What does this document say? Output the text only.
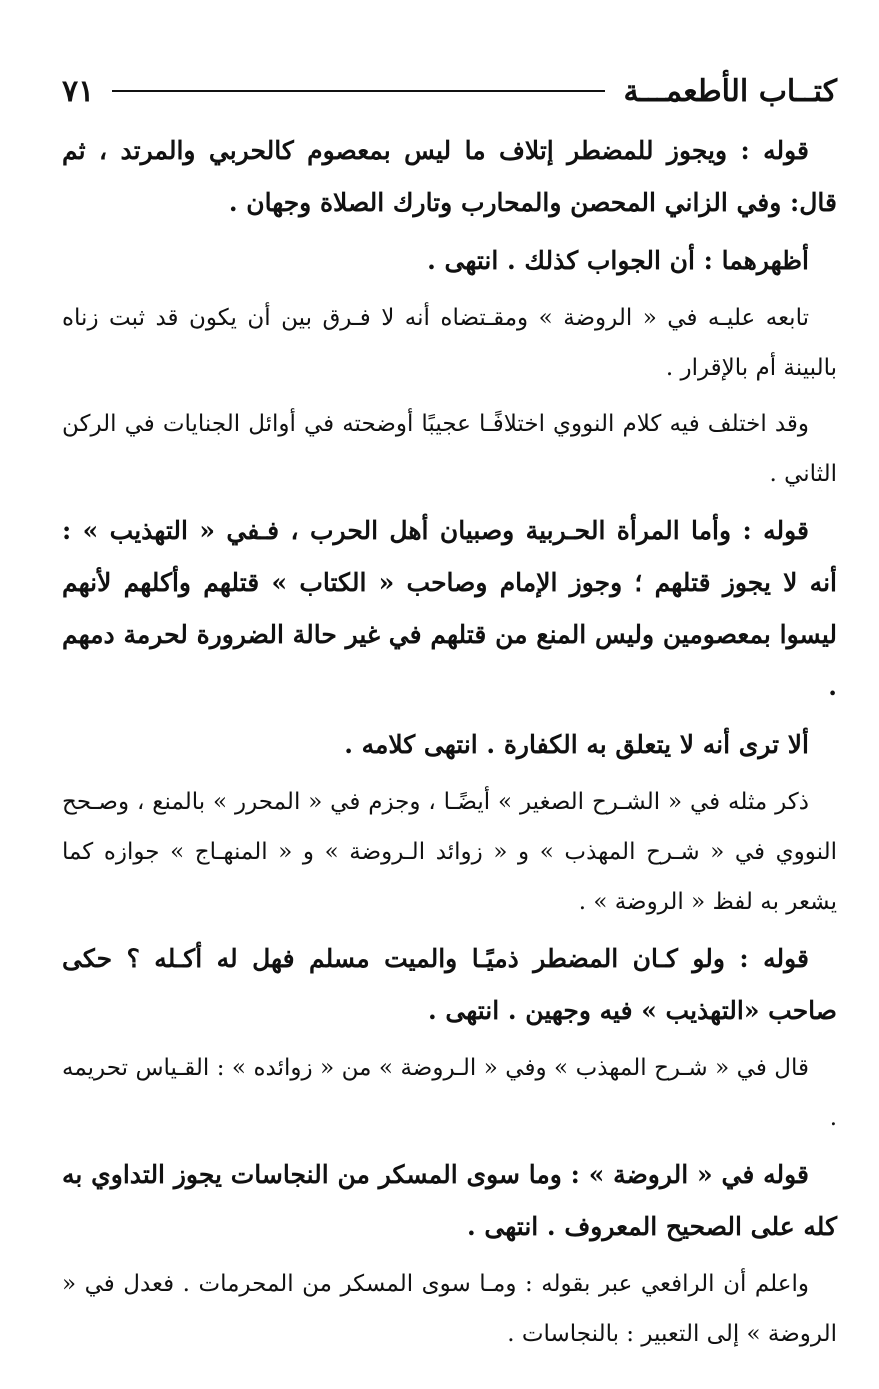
كتــاب الأطعمـــة
٧١

قوله : ويجوز للمضطر إتلاف ما ليس بمعصوم كالحربي والمرتد ، ثم قال: وفي الزاني المحصن والمحارب وتارك الصلاة وجهان .

أظهرهما : أن الجواب كذلك . انتهى .

تابعه عليـه في « الروضة » ومقـتضاه أنه لا فـرق بين أن يكون قد ثبت زناه بالبينة أم بالإقرار .

وقد اختلف فيه كلام النووي اختلافًـا عجيبًا أوضحته في أوائل الجنايات في الركن الثاني .

قوله : وأما المرأة الحـربية وصبيان أهل الحرب ، فـفي « التهذيب » : أنه لا يجوز قتلهم ؛ وجوز الإمام وصاحب « الكتاب » قتلهم وأكلهم لأنهم ليسوا بمعصومين وليس المنع من قتلهم في غير حالة الضرورة لحرمة دمهم .

ألا ترى أنه لا يتعلق به الكفارة . انتهى كلامه .

ذكر مثله في « الشـرح الصغير » أيضًـا ، وجزم في « المحرر » بالمنع ، وصـحح النووي في « شـرح المهذب » و « زوائد الـروضة » و « المنهـاج » جوازه كما يشعر به لفظ « الروضة » .

قوله : ولو كـان المضطر ذميًـا والميت مسلم فهل له أكـله ؟ حكى صاحب «التهذيب » فيه وجهين . انتهى .

قال في « شـرح المهذب » وفي « الـروضة » من « زوائده » : القـياس تحريمه .

قوله في « الروضة » : وما سوى المسكر من النجاسات يجوز التداوي به كله على الصحيح المعروف . انتهى .

واعلم أن الرافعي عبر بقوله : ومـا سوى المسكر من المحرمات . فعدل في « الروضة » إلى التعبير : بالنجاسات .
